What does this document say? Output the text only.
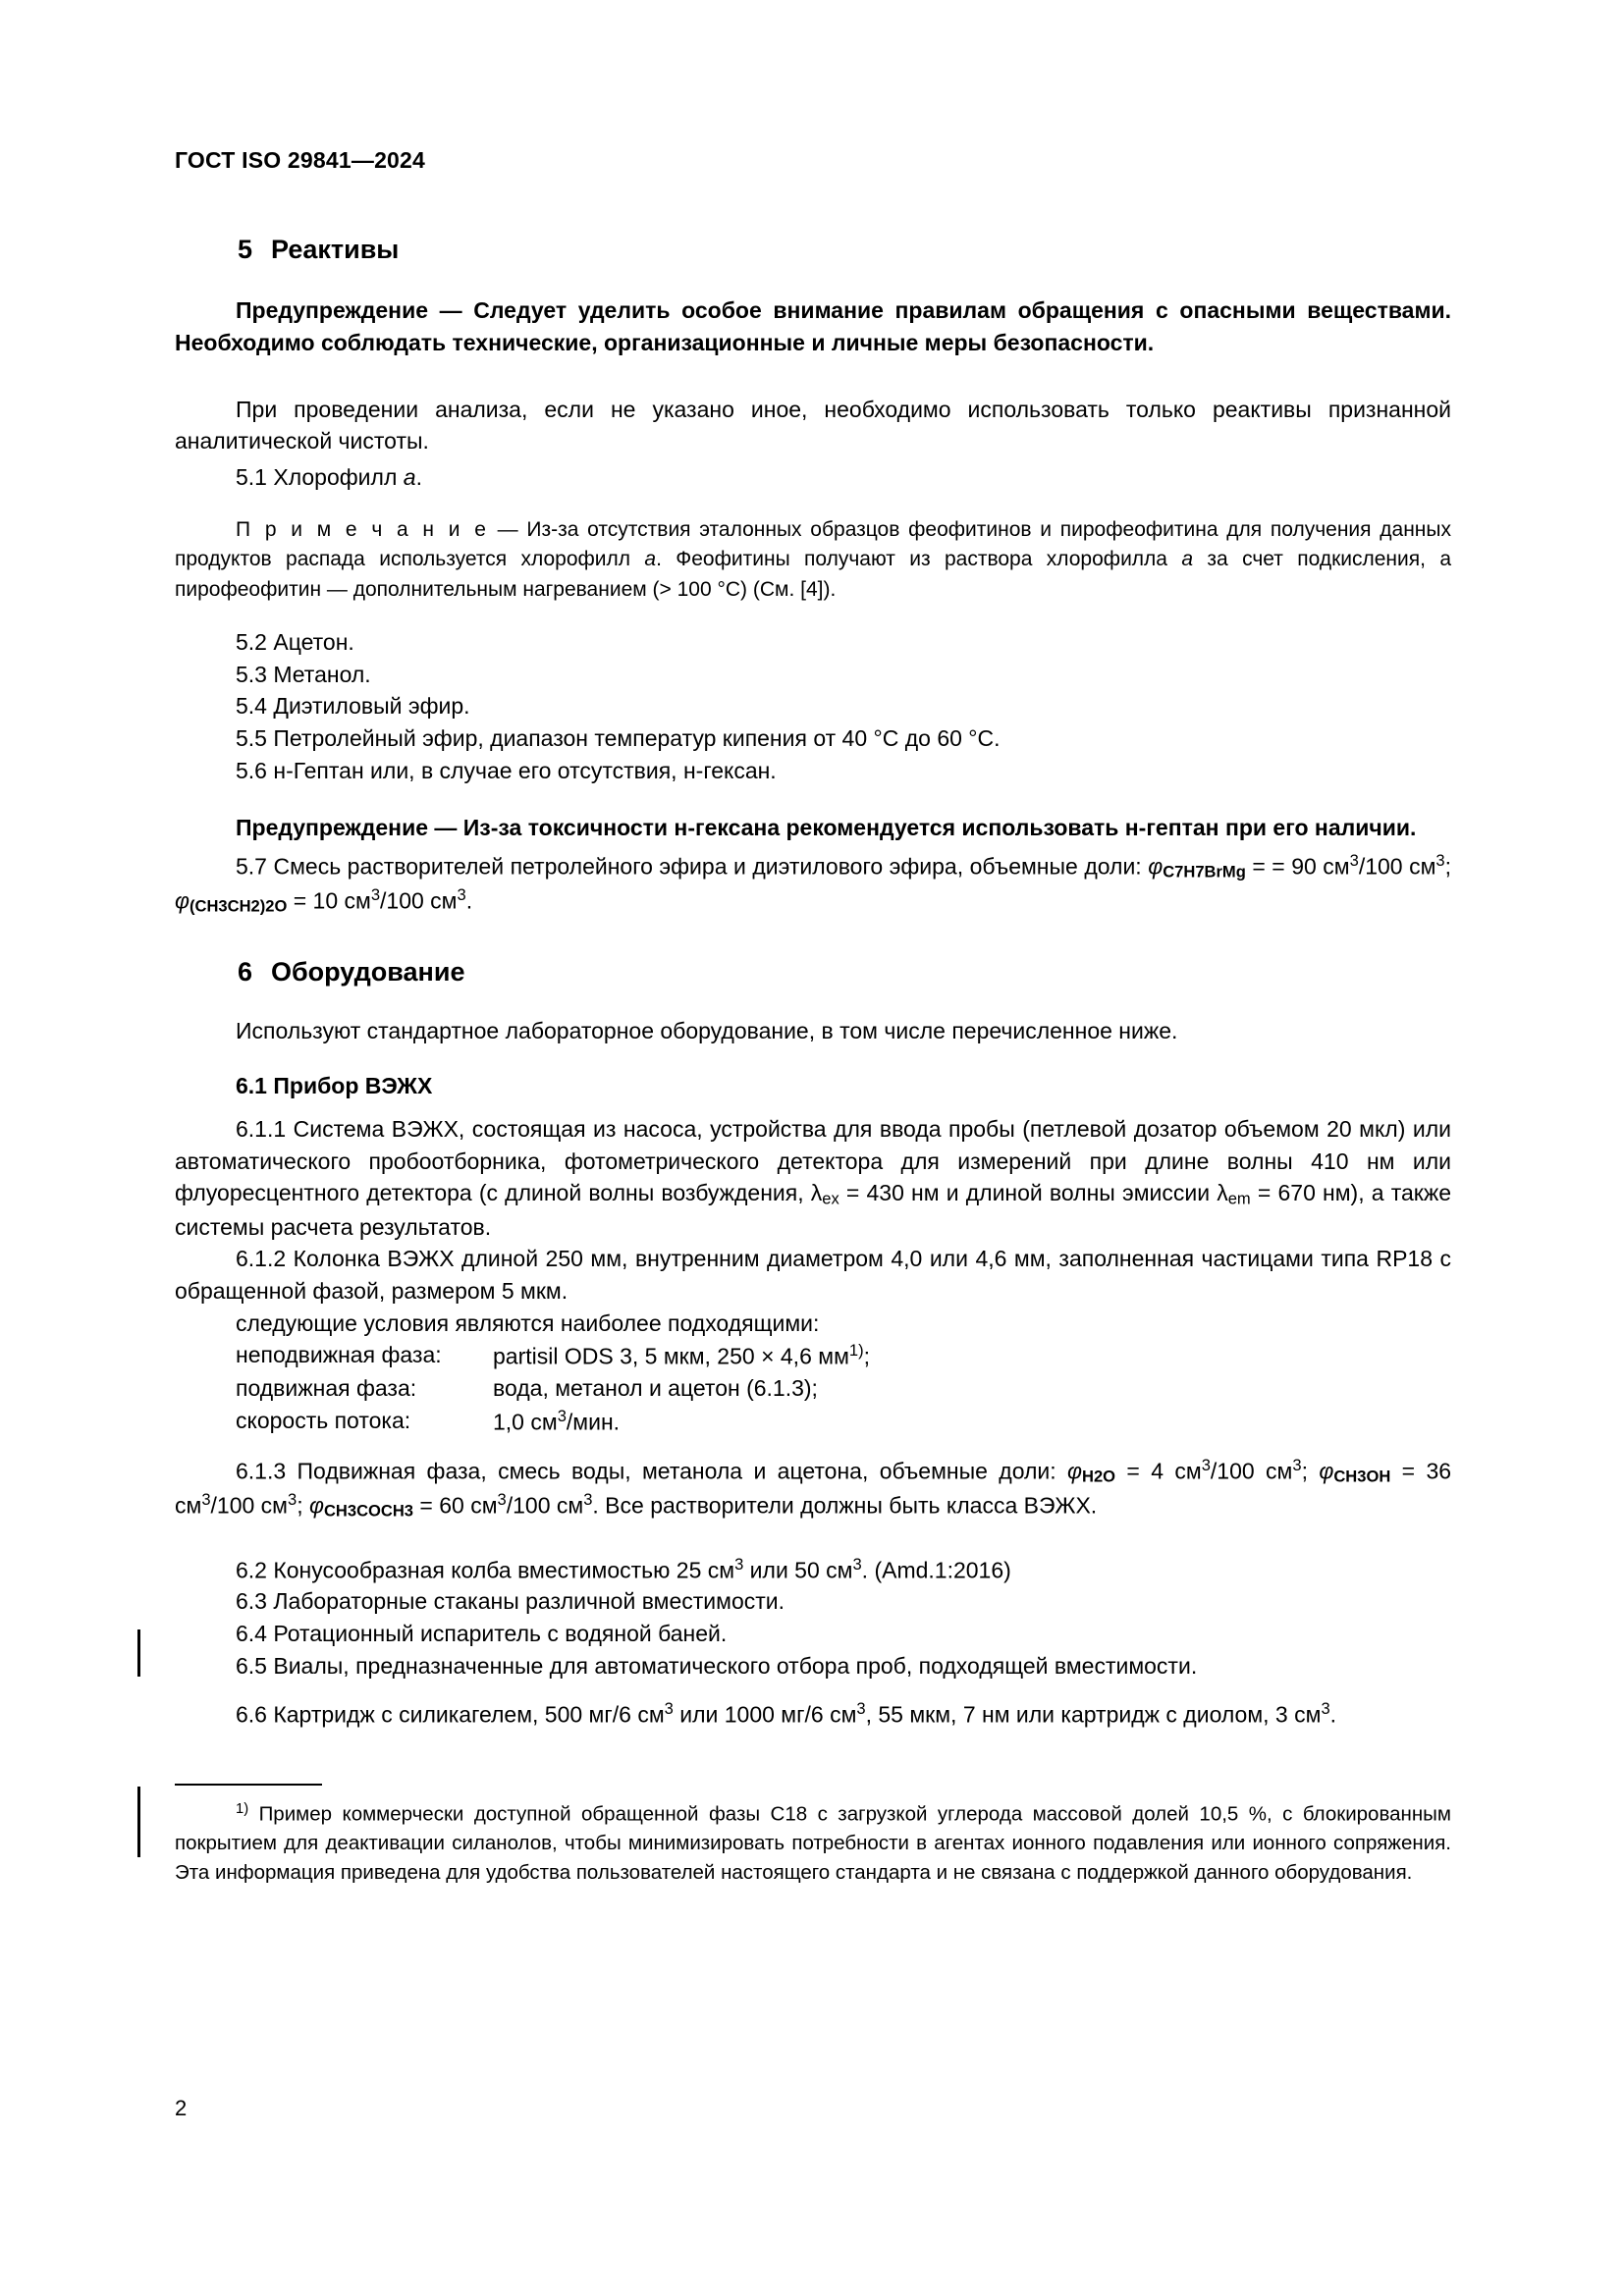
ГОСТ ISO 29841—2024
5 Реактивы

Предупреждение — Следует уделить особое внимание правилам обращения с опасными веществами. Необходимо соблюдать технические, организационные и личные меры безопасности.

При проведении анализа, если не указано иное, необходимо использовать только реактивы признанной аналитической чистоты.

5.1 Хлорофилл a.

П р и м е ч а н и е — Из-за отсутствия эталонных образцов феофитинов и пирофеофитина для получения данных продуктов распада используется хлорофилл a. Феофитины получают из раствора хлорофилла a за счет подкисления, а пирофеофитин — дополнительным нагреванием (> 100 °С) (См. [4]).

5.2 Ацетон.

5.3 Метанол.

5.4 Диэтиловый эфир.

5.5 Петролейный эфир, диапазон температур кипения от 40 °С до 60 °С.

5.6 н-Гептан или, в случае его отсутствия, н-гексан.

Предупреждение — Из-за токсичности н-гексана рекомендуется использовать н-гептан при его наличии.

5.7 Смесь растворителей петролейного эфира и диэтилового эфира, объемные доли: $\varphi_{C7H7BrMg}$ = = 90 $см^3/100$ $см^3$; $\varphi_{(CH3CH2)2O} = 10$ $см^3/100$ $см^3$.

6 Оборудование

Используют стандартное лабораторное оборудование, в том числе перечисленное ниже.

6.1 Прибор ВЭЖХ

6.1.1 Система ВЭЖХ, состоящая из насоса, устройства для ввода пробы (петлевой дозатор объемом 20 мкл) или автоматического пробоотборника, фотометрического детектора для измерений при длине волны 410 нм или флуоресцентного детектора (с длиной волны возбуждения, $\lambda_{ex} = 430$ нм и длиной волны эмиссии $\lambda_{em} = 670$ нм), а также системы расчета результатов.

6.1.2 Колонка ВЭЖХ длиной 250 мм, внутренним диаметром 4,0 или 4,6 мм, заполненная частицами типа RP18 с обращенной фазой, размером 5 мкм.

следующие условия являются наиболее подходящими:

неподвижная фаза:	partisil ODS 3, 5 мкм, 250 × 4,6 $мм^{1)}$;
подвижная фаза:	вода, метанол и ацетон (6.1.3);
скорость потока:	1,0 $см^3$/мин.

6.1.3 Подвижная фаза, смесь воды, метанола и ацетона, объемные доли: $\varphi_{H2O} = 4$ $см^3/100$ $см^3$; $\varphi_{CH3OH} = 36$ $см^3/100$ $см^3$; $\varphi_{CH3COCH3} = 60$ $см^3/100$ $см^3$. Все растворители должны быть класса ВЭЖХ.

6.2 Конусообразная колба вместимостью 25 $см^3$ или 50 $см^3$. (Amd.1:2016)

6.3 Лабораторные стаканы различной вместимости.

6.4 Ротационный испаритель с водяной баней.

6.5 Виалы, предназначенные для автоматического отбора проб, подходящей вместимости.

6.6 Картридж с силикагелем, 500 мг/6 $см^3$ или 1000 мг/6 $см^3$, 55 мкм, 7 нм или картридж с диолом, 3 $см^3$.

$^{1)}$ Пример коммерчески доступной обращенной фазы С18 с загрузкой углерода массовой долей 10,5 %, с блокированным покрытием для деактивации силанолов, чтобы минимизировать потребности в агентах ионного подавления или ионного сопряжения. Эта информация приведена для удобства пользователей настоящего стандарта и не связана с поддержкой данного оборудования.

2
